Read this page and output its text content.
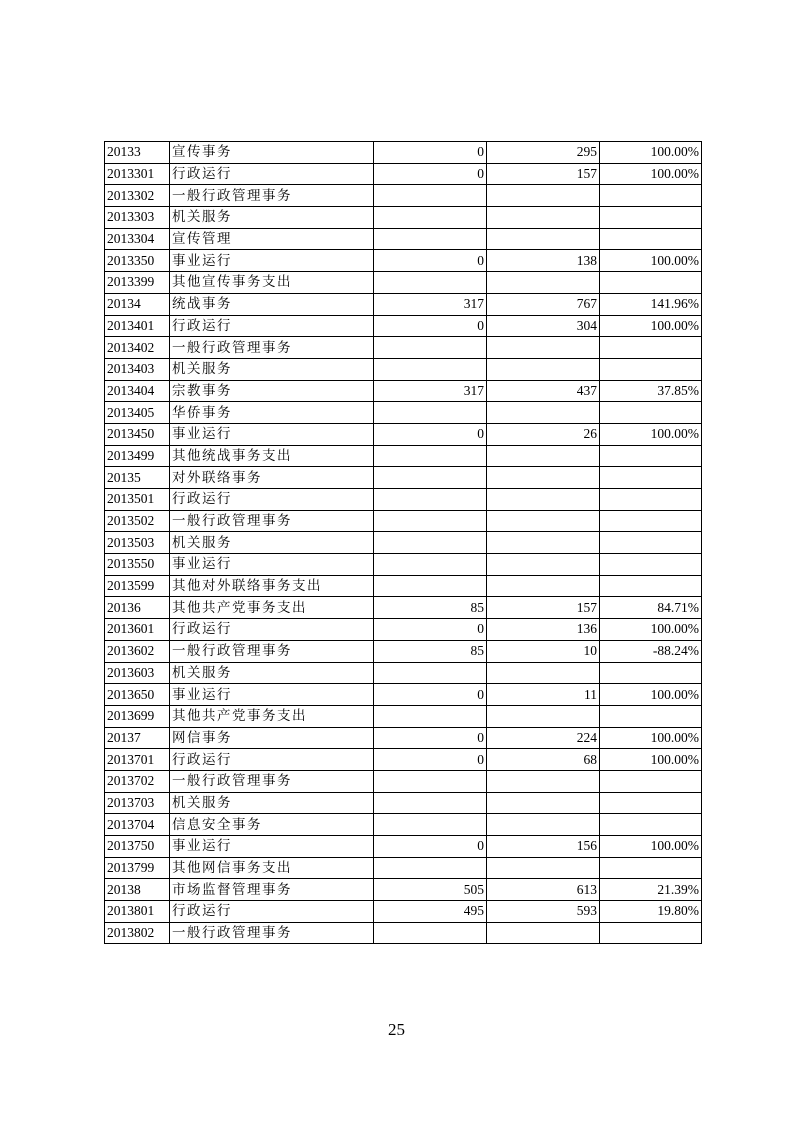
20133	宣传事务	0	295	100.00%
2013301	行政运行	0	157	100.00%
2013302	一般行政管理事务			
2013303	机关服务			
2013304	宣传管理			
2013350	事业运行	0	138	100.00%
2013399	其他宣传事务支出			
20134	统战事务	317	767	141.96%
2013401	行政运行	0	304	100.00%
2013402	一般行政管理事务			
2013403	机关服务			
2013404	宗教事务	317	437	37.85%
2013405	华侨事务			
2013450	事业运行	0	26	100.00%
2013499	其他统战事务支出			
20135	对外联络事务			
2013501	行政运行			
2013502	一般行政管理事务			
2013503	机关服务			
2013550	事业运行			
2013599	其他对外联络事务支出			
20136	其他共产党事务支出	85	157	84.71%
2013601	行政运行	0	136	100.00%
2013602	一般行政管理事务	85	10	-88.24%
2013603	机关服务			
2013650	事业运行	0	11	100.00%
2013699	其他共产党事务支出			
20137	网信事务	0	224	100.00%
2013701	行政运行	0	68	100.00%
2013702	一般行政管理事务			
2013703	机关服务			
2013704	信息安全事务			
2013750	事业运行	0	156	100.00%
2013799	其他网信事务支出			
20138	市场监督管理事务	505	613	21.39%
2013801	行政运行	495	593	19.80%
2013802	一般行政管理事务			
25
